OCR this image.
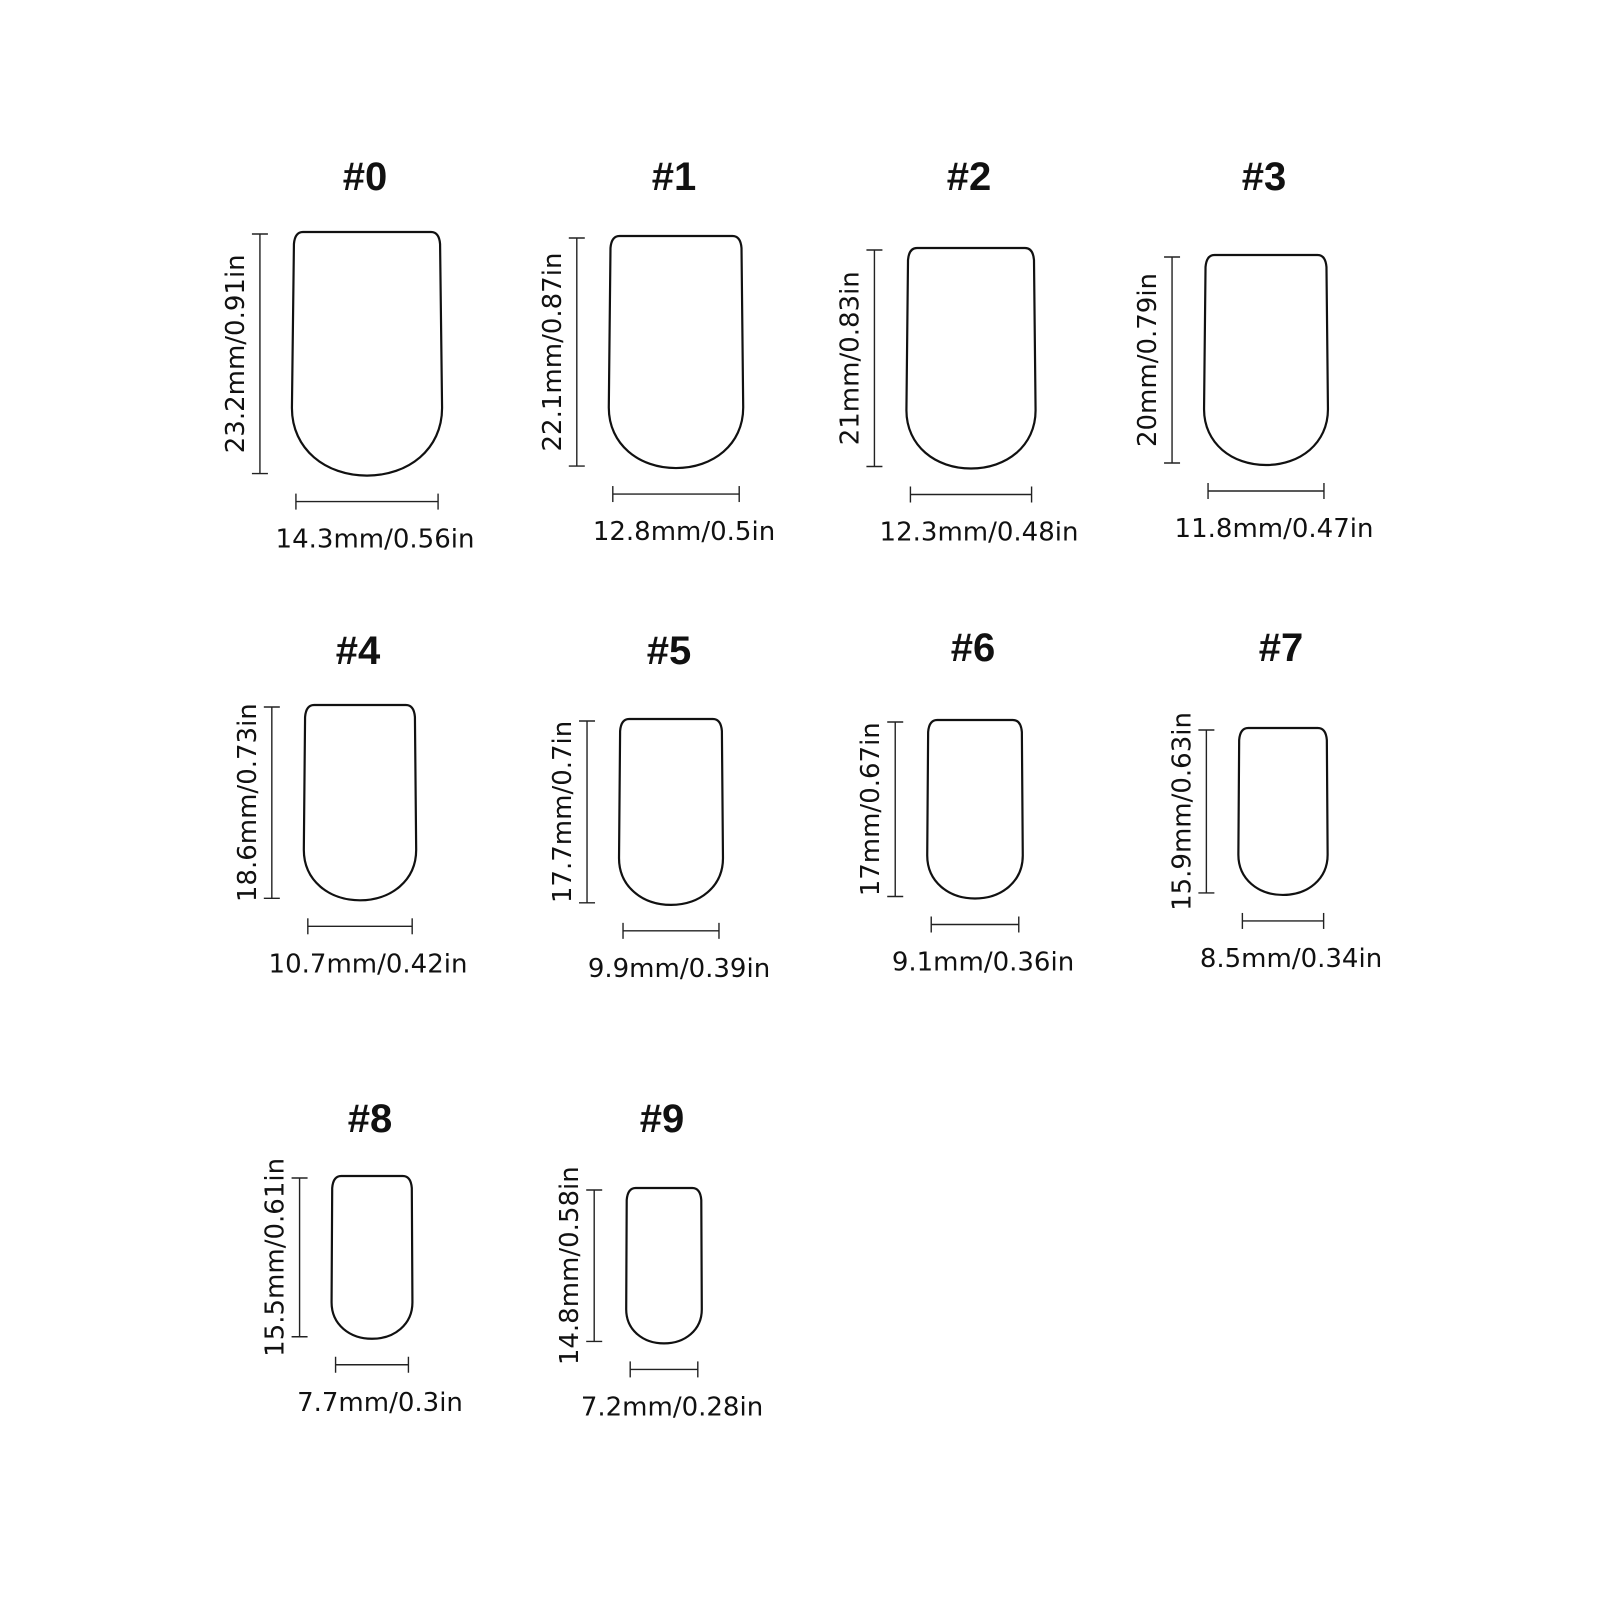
#0
23.2mm/0.91in
14.3mm/0.56in
#1
22.1mm/0.87in
12.8mm/0.5in
#2
21mm/0.83in
12.3mm/0.48in
#3
20mm/0.79in
11.8mm/0.47in
#4
18.6mm/0.73in
10.7mm/0.42in
#5
17.7mm/0.7in
9.9mm/0.39in
#6
17mm/0.67in
9.1mm/0.36in
#7
15.9mm/0.63in
8.5mm/0.34in
#8
15.5mm/0.61in
7.7mm/0.3in
#9
14.8mm/0.58in
7.2mm/0.28in
